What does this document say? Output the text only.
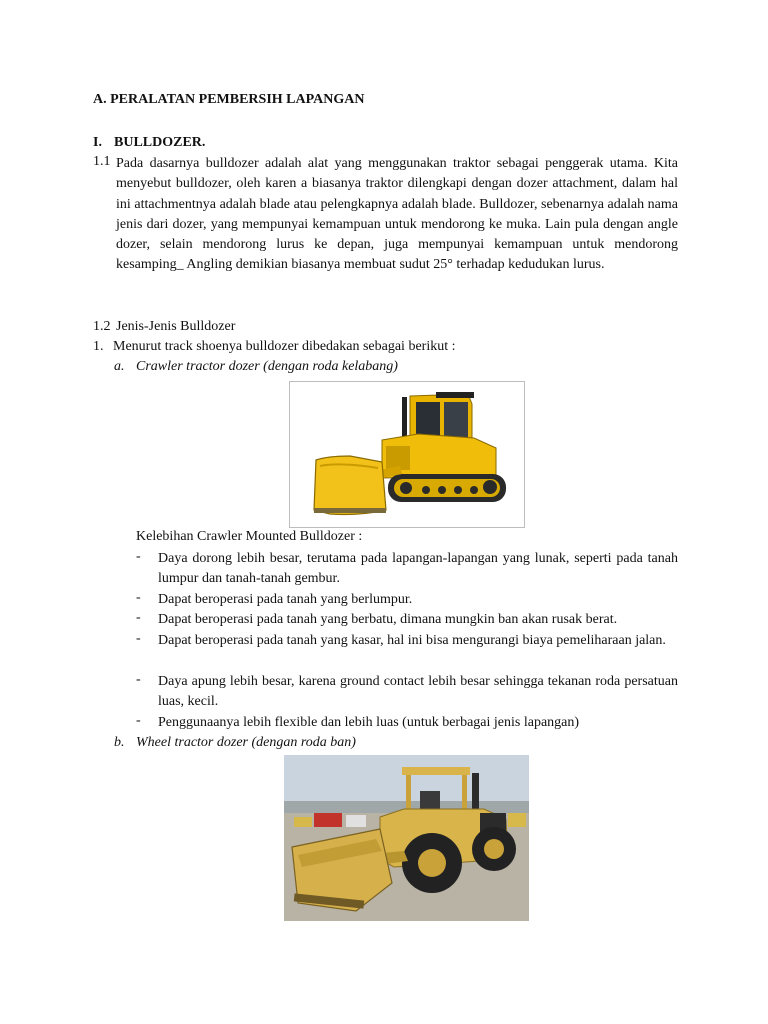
A. PERALATAN PEMBERSIH LAPANGAN
I. BULLDOZER.
1.1 Pada dasarnya bulldozer adalah alat yang menggunakan traktor sebagai penggerak utama. Kita menyebut bulldozer, oleh karen a biasanya traktor dilengkapi dengan dozer attachment, dalam hal ini attachmentnya adalah blade atau pelengkapnya adalah blade. Bulldozer, sebenarnya adalah nama jenis dari dozer, yang mempunyai kemampuan untuk mendorong ke muka. Lain pula dengan angle dozer, selain mendorong lurus ke depan, juga mempunyai kemampuan untuk mendorong kesamping_ Angling demikian biasanya membuat sudut 25° terhadap kedudukan lurus.
1.2 Jenis-Jenis Bulldozer
1. Menurut track shoenya bulldozer dibedakan sebagai berikut :
a. Crawler tractor dozer (dengan roda kelabang)
Kelebihan Crawler Mounted Bulldozer :
- Daya dorong lebih besar, terutama pada lapangan-lapangan yang lunak, seperti pada tanah lumpur dan tanah-tanah gembur.
- Dapat beroperasi pada tanah yang berlumpur.
- Dapat beroperasi pada tanah yang berbatu, dimana mungkin ban akan rusak berat.
- Dapat beroperasi pada tanah yang kasar, hal ini bisa mengurangi biaya pemeliharaan jalan.
- Daya apung lebih besar, karena ground contact lebih besar sehingga tekanan roda persatuan luas, kecil.
- Penggunaanya lebih flexible dan lebih luas (untuk berbagai jenis lapangan)
b. Wheel tractor dozer (dengan roda ban)
